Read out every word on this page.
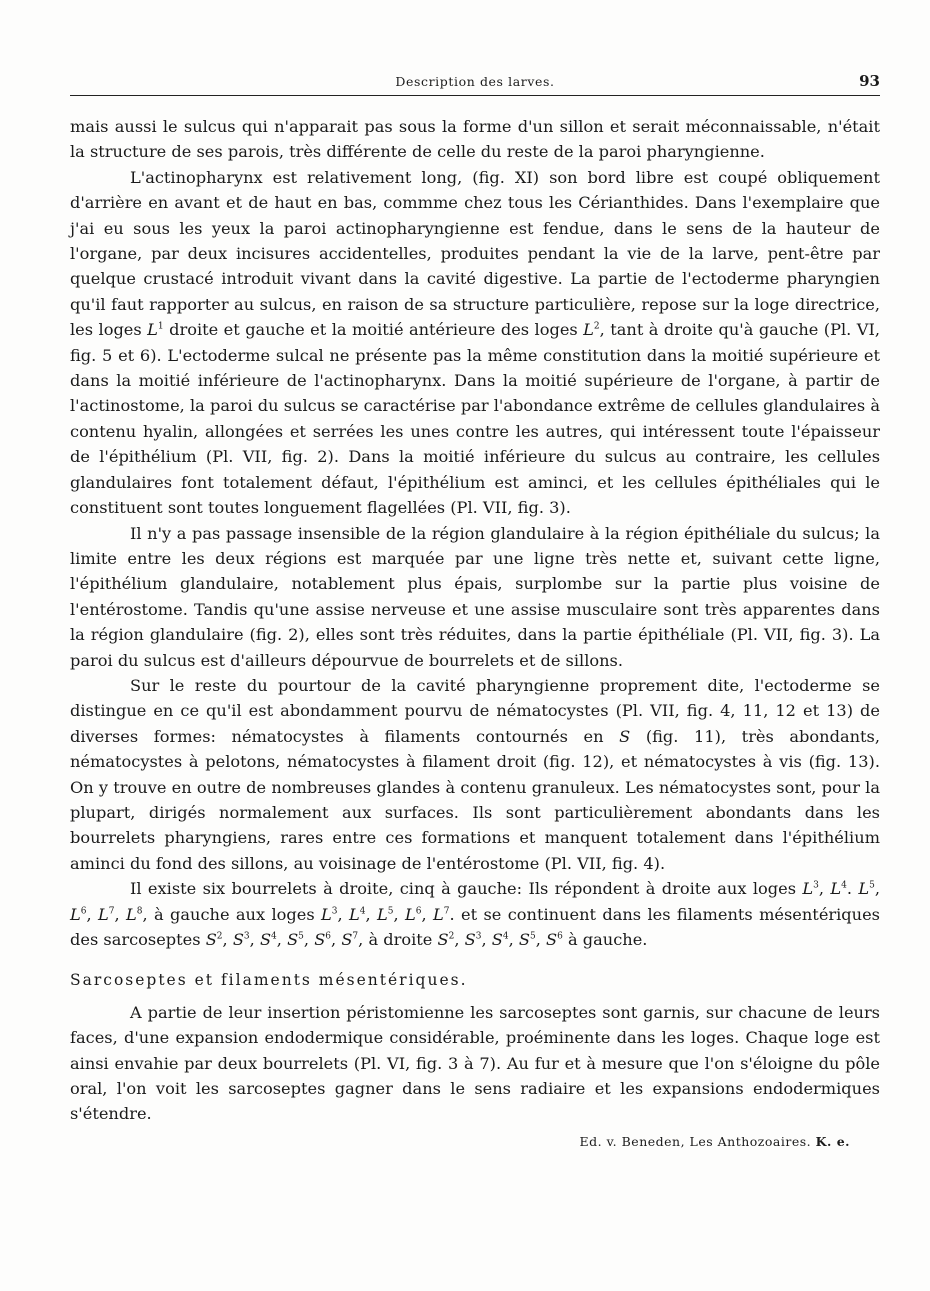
Description des larves.	93

mais aussi le sulcus qui n'apparait pas sous la forme d'un sillon et serait méconnaissable, n'était la structure de ses parois, très différente de celle du reste de la paroi pharyngienne.

L'actinopharynx est relativement long, (fig. XI) son bord libre est coupé obliquement d'arrière en avant et de haut en bas, commme chez tous les Cérianthides. Dans l'exemplaire que j'ai eu sous les yeux la paroi actinopharyngienne est fendue, dans le sens de la hauteur de l'organe, par deux incisures accidentelles, produites pendant la vie de la larve, pent-être par quelque crustacé introduit vivant dans la cavité digestive. La partie de l'ectoderme pharyngien qu'il faut rapporter au sulcus, en raison de sa structure particulière, repose sur la loge directrice, les loges $L^1$ droite et gauche et la moitié antérieure des loges $L^2$, tant à droite qu'à gauche (Pl. VI, fig. 5 et 6). L'ectoderme sulcal ne présente pas la même constitution dans la moitié supérieure et dans la moitié inférieure de l'actinopharynx. Dans la moitié supérieure de l'organe, à partir de l'actinostome, la paroi du sulcus se caractérise par l'abondance extrême de cellules glandulaires à contenu hyalin, allongées et serrées les unes contre les autres, qui intéressent toute l'épaisseur de l'épithélium (Pl. VII, fig. 2). Dans la moitié inférieure du sulcus au contraire, les cellules glandulaires font totalement défaut, l'épithélium est aminci, et les cellules épithéliales qui le constituent sont toutes longuement flagellées (Pl. VII, fig. 3).

Il n'y a pas passage insensible de la région glandulaire à la région épithéliale du sulcus; la limite entre les deux régions est marquée par une ligne très nette et, suivant cette ligne, l'épithélium glandulaire, notablement plus épais, surplombe sur la partie plus voisine de l'entérostome. Tandis qu'une assise nerveuse et une assise musculaire sont très apparentes dans la région glandulaire (fig. 2), elles sont très réduites, dans la partie épithéliale (Pl. VII, fig. 3). La paroi du sulcus est d'ailleurs dépourvue de bourrelets et de sillons.

Sur le reste du pourtour de la cavité pharyngienne proprement dite, l'ectoderme se distingue en ce qu'il est abondamment pourvu de nématocystes (Pl. VII, fig. 4, 11, 12 et 13) de diverses formes: nématocystes à filaments contournés en S (fig. 11), très abondants, nématocystes à pelotons, nématocystes à filament droit (fig. 12), et nématocystes à vis (fig. 13). On y trouve en outre de nombreuses glandes à contenu granuleux. Les nématocystes sont, pour la plupart, dirigés normalement aux surfaces. Ils sont particulièrement abondants dans les bourrelets pharyngiens, rares entre ces formations et manquent totalement dans l'épithélium aminci du fond des sillons, au voisinage de l'entérostome (Pl. VII, fig. 4).

Il existe six bourrelets à droite, cinq à gauche: Ils répondent à droite aux loges $L^3$, $L^4$. $L^5$, $L^6$, $L^7$, $L^8$, à gauche aux loges $L^3$, $L^4$, $L^5$, $L^6$, $L^7$. et se continuent dans les filaments mésentériques des sarcoseptes $S^2$, $S^3$, $S^4$, $S^5$, $S^6$, $S^7$, à droite $S^2$, $S^3$, $S^4$, $S^5$, $S^6$ à gauche.

Sarcoseptes et filaments mésentériques.

A partie de leur insertion péristomienne les sarcoseptes sont garnis, sur chacune de leurs faces, d'une expansion endodermique considérable, proéminente dans les loges. Chaque loge est ainsi envahie par deux bourrelets (Pl. VI, fig. 3 à 7). Au fur et à mesure que l'on s'éloigne du pôle oral, l'on voit les sarcoseptes gagner dans le sens radiaire et les expansions endodermiques s'étendre.

Ed. v. Beneden, Les Anthozoaires. K. e.
